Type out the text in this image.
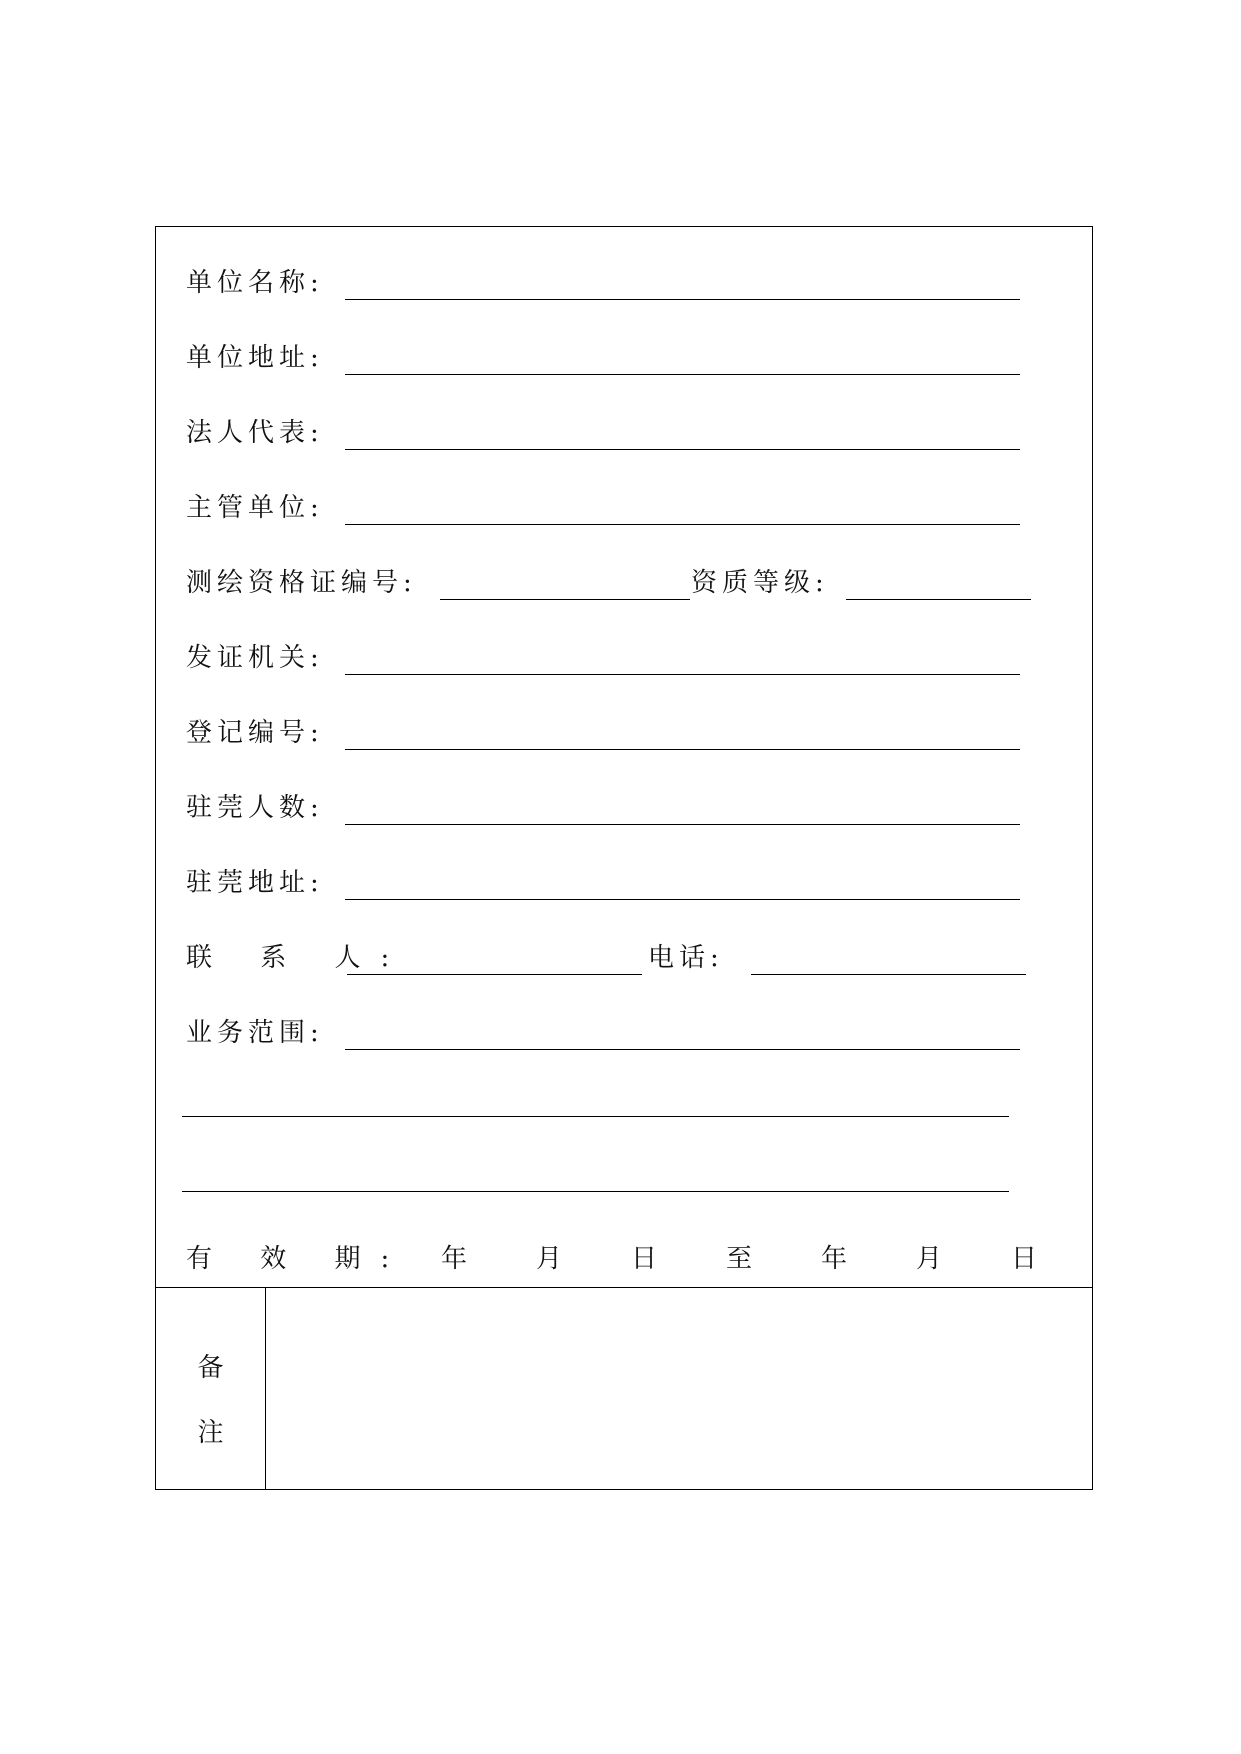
单位名称:
单位地址:
法人代表:
主管单位:
测绘资格证编号:	资质等级:
发证机关:
登记编号:
驻莞人数:
驻莞地址:
联 系 人:	电话:
业务范围:
有 效 期: 年	月	日	至	年	月	日
备
注
